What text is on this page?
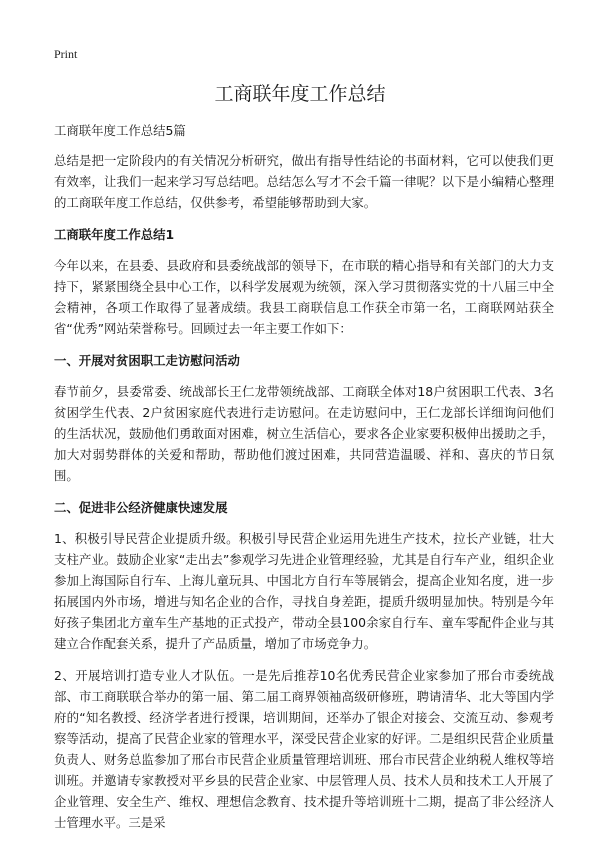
Print
工商联年度工作总结

工商联年度工作总结5篇

总结是把一定阶段内的有关情况分析研究，做出有指导性结论的书面材料，它可以使我们更有效率，让我们一起来学习写总结吧。总结怎么写才不会千篇一律呢？以下是小编精心整理的工商联年度工作总结，仅供参考，希望能够帮助到大家。

工商联年度工作总结1

今年以来，在县委、县政府和县委统战部的领导下，在市联的精心指导和有关部门的大力支持下，紧紧围绕全县中心工作，以科学发展观为统领，深入学习贯彻落实党的十八届三中全会精神，各项工作取得了显著成绩。我县工商联信息工作获全市第一名，工商联网站获全省“优秀”网站荣誉称号。回顾过去一年主要工作如下：

一、开展对贫困职工走访慰问活动

春节前夕，县委常委、统战部长王仁龙带领统战部、工商联全体对18户贫困职工代表、3名贫困学生代表、2户贫困家庭代表进行走访慰问。在走访慰问中，王仁龙部长详细询问他们的生活状况，鼓励他们勇敢面对困难，树立生活信心，要求各企业家要积极伸出援助之手，加大对弱势群体的关爱和帮助，帮助他们渡过困难，共同营造温暖、祥和、喜庆的节日氛围。

二、促进非公经济健康快速发展

1、积极引导民营企业提质升级。积极引导民营企业运用先进生产技术，拉长产业链，壮大支柱产业。鼓励企业家“走出去”参观学习先进企业管理经验，尤其是自行车产业，组织企业参加上海国际自行车、上海儿童玩具、中国北方自行车等展销会，提高企业知名度，进一步拓展国内外市场，增进与知名企业的合作，寻找自身差距，提质升级明显加快。特别是今年好孩子集团北方童车生产基地的正式投产，带动全县100余家自行车、童车零配件企业与其建立合作配套关系，提升了产品质量，增加了市场竞争力。

2、开展培训打造专业人才队伍。一是先后推荐10名优秀民营企业家参加了邢台市委统战部、市工商联联合举办的第一届、第二届工商界领袖高级研修班，聘请清华、北大等国内学府的“知名教授、经济学者进行授课，培训期间，还举办了银企对接会、交流互动、参观考察等活动，提高了民营企业家的管理水平，深受民营企业家的好评。二是组织民营企业质量负责人、财务总监参加了邢台市民营企业质量管理培训班、邢台市民营企业纳税人维权等培训班。并邀请专家教授对平乡县的民营企业家、中层管理人员、技术人员和技术工人开展了企业管理、安全生产、维权、理想信念教育、技术提升等培训班十二期，提高了非公经济人士管理水平。三是采
